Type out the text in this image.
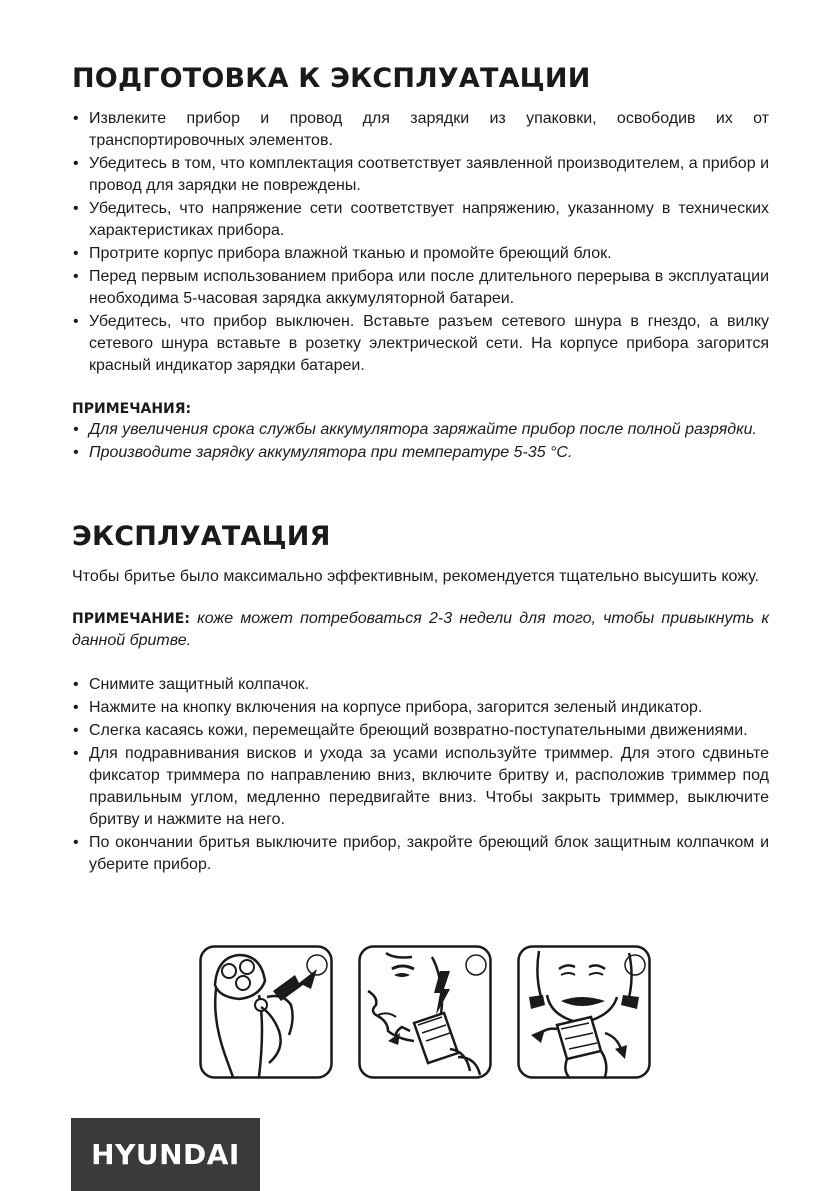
ПОДГОТОВКА К ЭКСПЛУАТАЦИИ
• Извлеките прибор и провод для зарядки из упаковки, освободив их от транспортировочных элементов.
• Убедитесь в том, что комплектация соответствует заявленной производителем, а прибор и провод для зарядки не повреждены.
• Убедитесь, что напряжение сети соответствует напряжению, указанному в технических характеристиках прибора.
• Протрите корпус прибора влажной тканью и промойте бреющий блок.
• Перед первым использованием прибора или после длительного перерыва в эксплуатации необходима 5-часовая зарядка аккумуляторной батареи.
• Убедитесь, что прибор выключен. Вставьте разъем сетевого шнура в гнездо, а вилку сетевого шнура вставьте в розетку электрической сети. На корпусе прибора загорится красный индикатор зарядки батареи.
ПРИМЕЧАНИЯ:
• Для увеличения срока службы аккумулятора заряжайте прибор после полной разрядки.
• Производите зарядку аккумулятора при температуре 5-35 °С.
ЭКСПЛУАТАЦИЯ

Чтобы бритье было максимально эффективным, рекомендуется тщательно высушить кожу.

ПРИМЕЧАНИЕ: коже может потребоваться 2-3 недели для того, чтобы привыкнуть к данной бритве.

• Снимите защитный колпачок.
• Нажмите на кнопку включения на корпусе прибора, загорится зеленый индикатор.
• Слегка касаясь кожи, перемещайте бреющий возвратно-поступательными движениями.
• Для подравнивания висков и ухода за усами используйте триммер. Для этого сдвиньте фиксатор триммера по направлению вниз, включите бритву и, расположив триммер под правильным углом, медленно передвигайте вниз. Чтобы закрыть триммер, выключите бритву и нажмите на него.
• По окончании бритья выключите прибор, закройте бреющий блок защитным колпачком и уберите прибор.
HYUNDAI
